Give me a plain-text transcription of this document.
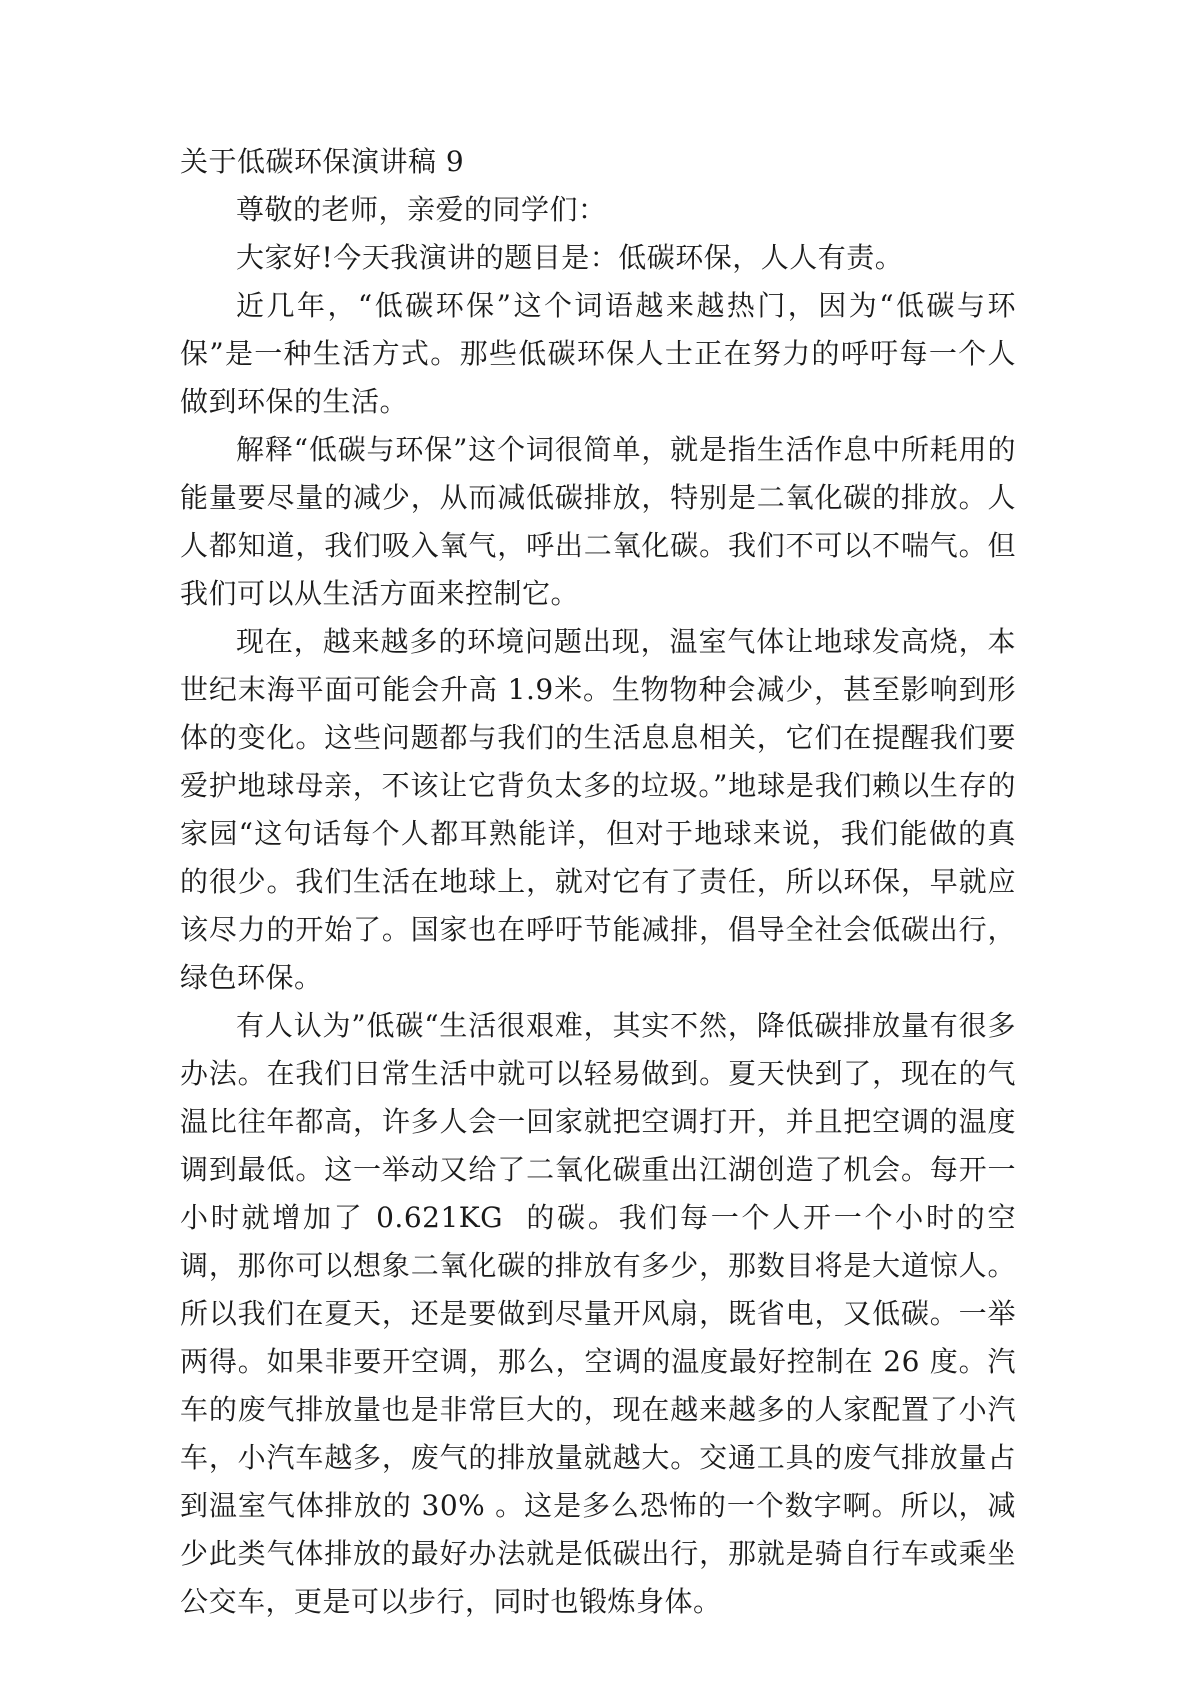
关于低碳环保演讲稿 9

尊敬的老师，亲爱的同学们：

大家好!今天我演讲的题目是：低碳环保，人人有责。

近几年，“低碳环保”这个词语越来越热门，因为“低碳与环保”是一种生活方式。那些低碳环保人士正在努力的呼吁每一个人做到环保的生活。

解释“低碳与环保”这个词很简单，就是指生活作息中所耗用的能量要尽量的减少，从而减低碳排放，特别是二氧化碳的排放。人人都知道，我们吸入氧气，呼出二氧化碳。我们不可以不喘气。但我们可以从生活方面来控制它。

现在，越来越多的环境问题出现，温室气体让地球发高烧，本世纪末海平面可能会升高 1.9米。生物物种会减少，甚至影响到形体的变化。这些问题都与我们的生活息息相关，它们在提醒我们要爱护地球母亲，不该让它背负太多的垃圾。”地球是我们赖以生存的家园“这句话每个人都耳熟能详，但对于地球来说，我们能做的真的很少。我们生活在地球上，就对它有了责任，所以环保，早就应该尽力的开始了。国家也在呼吁节能减排，倡导全社会低碳出行，绿色环保。

有人认为”低碳“生活很艰难，其实不然，降低碳排放量有很多办法。在我们日常生活中就可以轻易做到。夏天快到了，现在的气温比往年都高，许多人会一回家就把空调打开，并且把空调的温度调到最低。这一举动又给了二氧化碳重出江湖创造了机会。每开一小时就增加了 0.621KG  的碳。我们每一个人开一个小时的空调，那你可以想象二氧化碳的排放有多少，那数目将是大道惊人。所以我们在夏天，还是要做到尽量开风扇，既省电，又低碳。一举两得。如果非要开空调，那么，空调的温度最好控制在 26 度。汽车的废气排放量也是非常巨大的，现在越来越多的人家配置了小汽车，小汽车越多，废气的排放量就越大。交通工具的废气排放量占到温室气体排放的 30% 。这是多么恐怖的一个数字啊。所以，减少此类气体排放的最好办法就是低碳出行，那就是骑自行车或乘坐公交车，更是可以步行，同时也锻炼身体。
